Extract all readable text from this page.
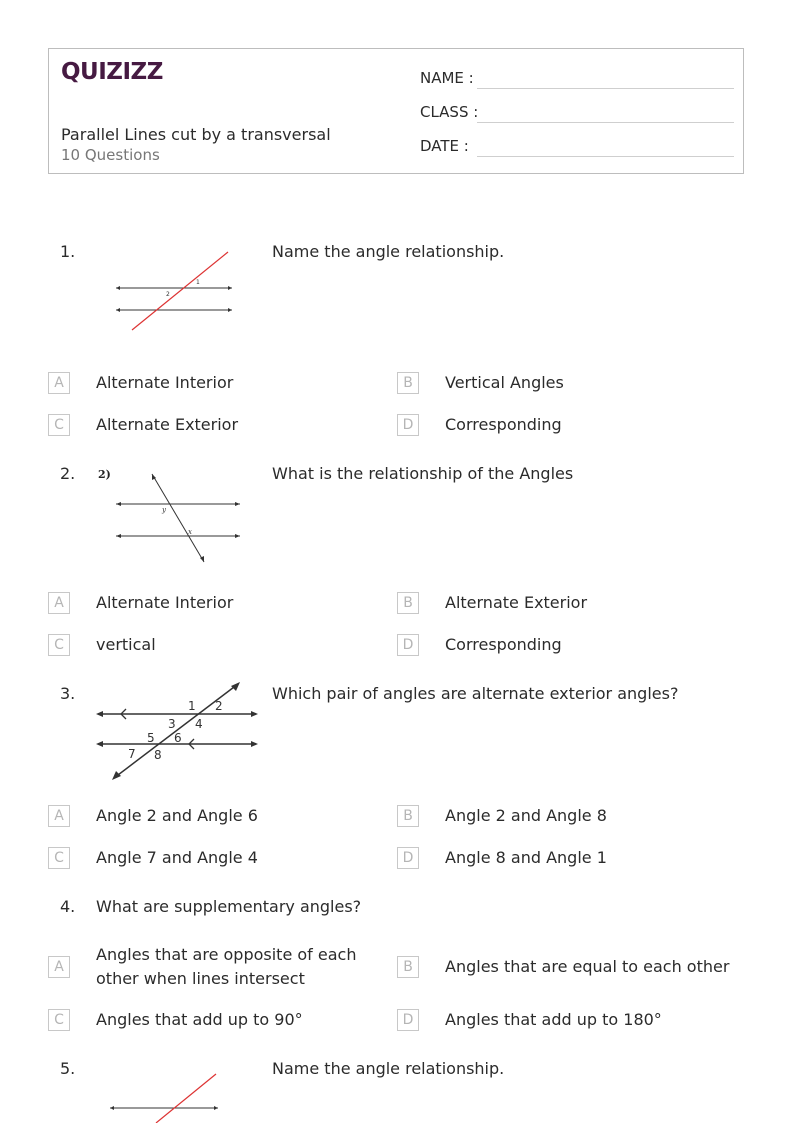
QUIZIZZ
Parallel Lines cut by a transversal
10 Questions
NAME :
CLASS :
DATE :
1.
1
2
Name the angle relationship.
A	Alternate Interior	B	Vertical Angles
C	Alternate Exterior	D	Corresponding
2. 2)
y
x
What is the relationship of the Angles
A	Alternate Interior	B	Alternate Exterior
C	vertical	D	Corresponding
3.
1 2
3 4
5 6
7 8
Which pair of angles are alternate exterior angles?
A	Angle 2 and Angle 6	B	Angle 2 and Angle 8
C	Angle 7 and Angle 4	D	Angle 8 and Angle 1
4. What are supplementary angles?
A
Angles that are opposite of each other when lines intersect
B	Angles that are equal to each other
C	Angles that add up to 90°	D	Angles that add up to 180°
5.	Name the angle relationship.
